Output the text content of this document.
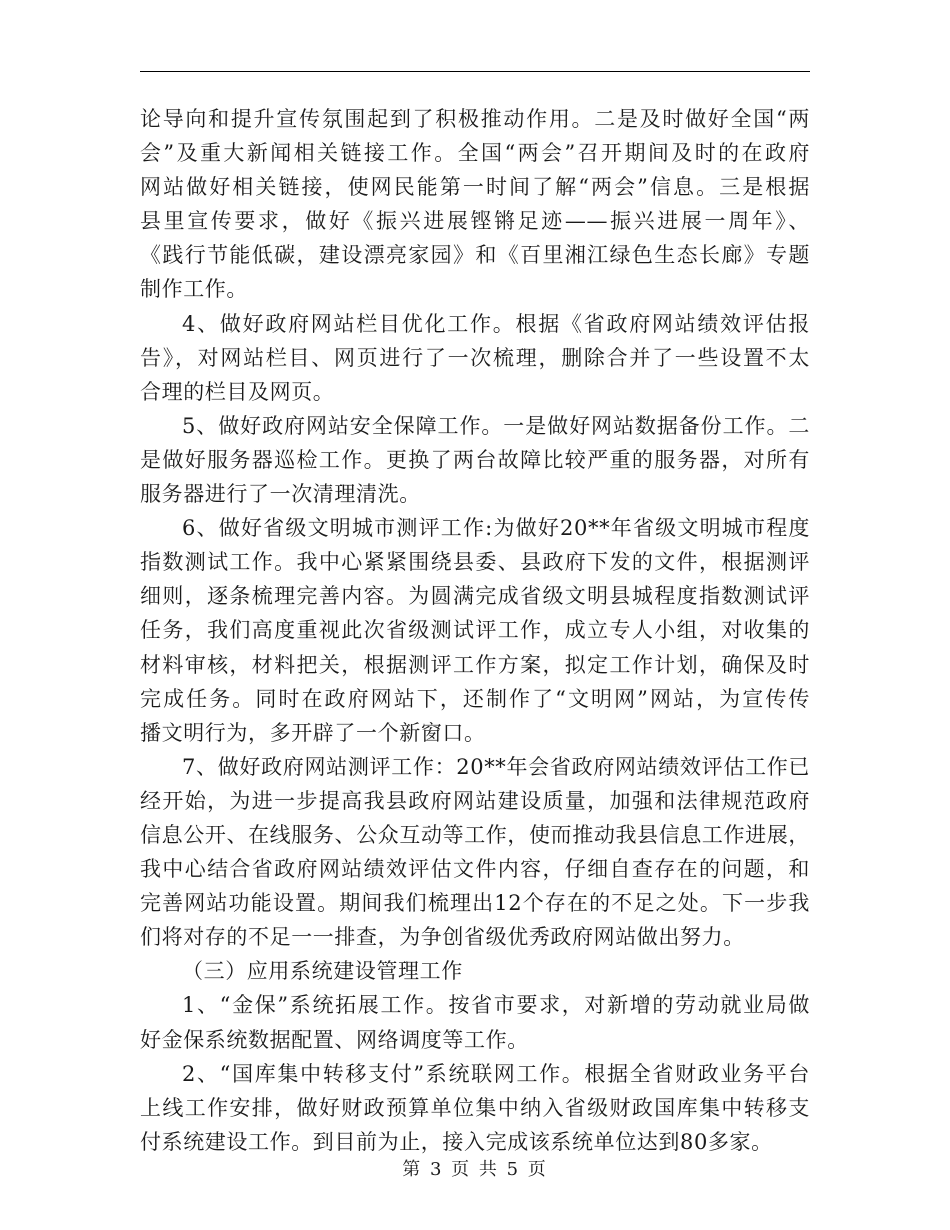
论导向和提升宣传氛围起到了积极推动作用。二是及时做好全国“两
会”及重大新闻相关链接工作。全国“两会”召开期间及时的在政府
网站做好相关链接，使网民能第一时间了解“两会”信息。三是根据
县里宣传要求，做好《振兴进展铿锵足迹——振兴进展一周年》、
《践行节能低碳，建设漂亮家园》和《百里湘江绿色生态长廊》专题
制作工作。
4、做好政府网站栏目优化工作。根据《省政府网站绩效评估报
告》，对网站栏目、网页进行了一次梳理，删除合并了一些设置不太
合理的栏目及网页。
5、做好政府网站安全保障工作。一是做好网站数据备份工作。二
是做好服务器巡检工作。更换了两台故障比较严重的服务器，对所有
服务器进行了一次清理清洗。
6、做好省级文明城市测评工作:为做好20**年省级文明城市程度
指数测试工作。我中心紧紧围绕县委、县政府下发的文件，根据测评
细则，逐条梳理完善内容。为圆满完成省级文明县城程度指数测试评
任务，我们高度重视此次省级测试评工作，成立专人小组，对收集的
材料审核，材料把关，根据测评工作方案，拟定工作计划，确保及时
完成任务。同时在政府网站下，还制作了“文明网”网站，为宣传传
播文明行为，多开辟了一个新窗口。
7、做好政府网站测评工作：20**年会省政府网站绩效评估工作已
经开始，为进一步提高我县政府网站建设质量，加强和法律规范政府
信息公开、在线服务、公众互动等工作，使而推动我县信息工作进展，
我中心结合省政府网站绩效评估文件内容，仔细自查存在的问题，和
完善网站功能设置。期间我们梳理出12个存在的不足之处。下一步我
们将对存的不足一一排查，为争创省级优秀政府网站做出努力。
（三）应用系统建设管理工作
1、“金保”系统拓展工作。按省市要求，对新增的劳动就业局做
好金保系统数据配置、网络调度等工作。
2、“国库集中转移支付”系统联网工作。根据全省财政业务平台
上线工作安排，做好财政预算单位集中纳入省级财政国库集中转移支
付系统建设工作。到目前为止，接入完成该系统单位达到80多家。
第 3 页 共 5 页
